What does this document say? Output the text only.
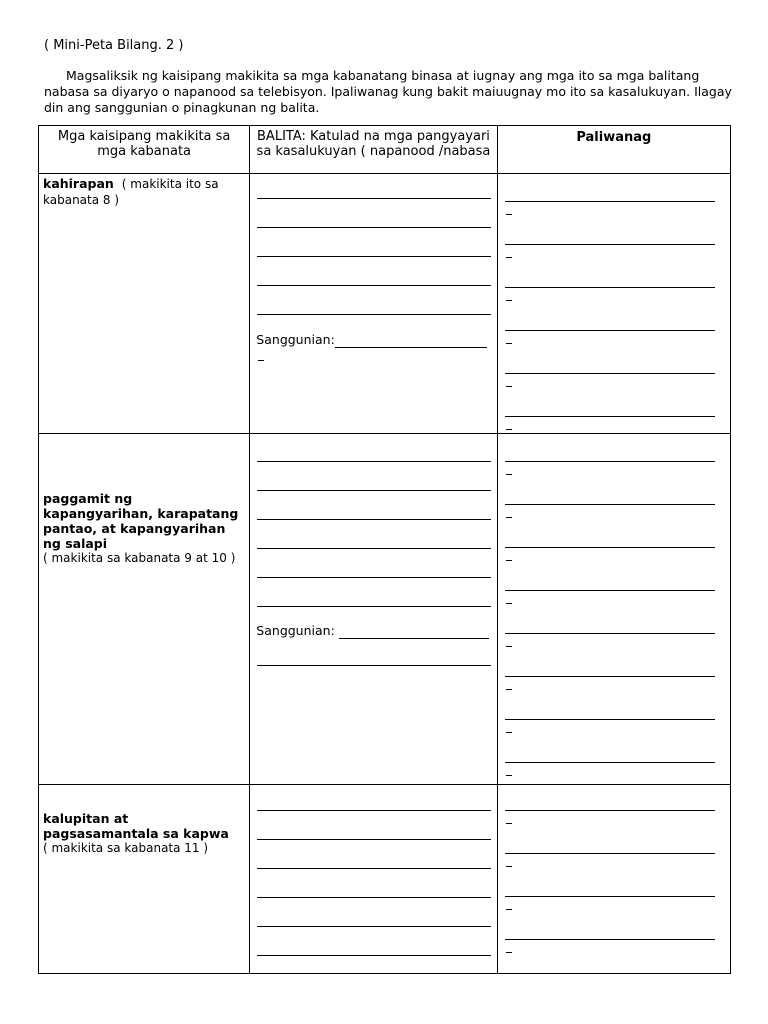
( Mini-Peta Bilang. 2 )
Magsaliksik ng kaisipang makikita sa mga kabanatang binasa at iugnay ang mga ito sa mga balitang nabasa sa diyaryo o napanood sa telebisyon. Ipaliwanag kung bakit maiuugnay mo ito sa kasalukuyan. Ilagay din ang sanggunian o pinagkunan ng balita.
Mga kaisipang makikita sa mga kabanata	BALITA: Katulad na mga pangyayari sa kasalukuyan ( napanood /nabasa	Paliwanag

kahirapan ( makikita ito sa kabanata 8 )	Sanggunian:	

paggamit ng kapangyarihan, karapatang pantao, at kapangyarihan ng salapi
( makikita sa kabanata 9 at 10 )	Sanggunian:	

kalupitan at pagsasamantala sa kapwa
( makikita sa kabanata 11 )		
